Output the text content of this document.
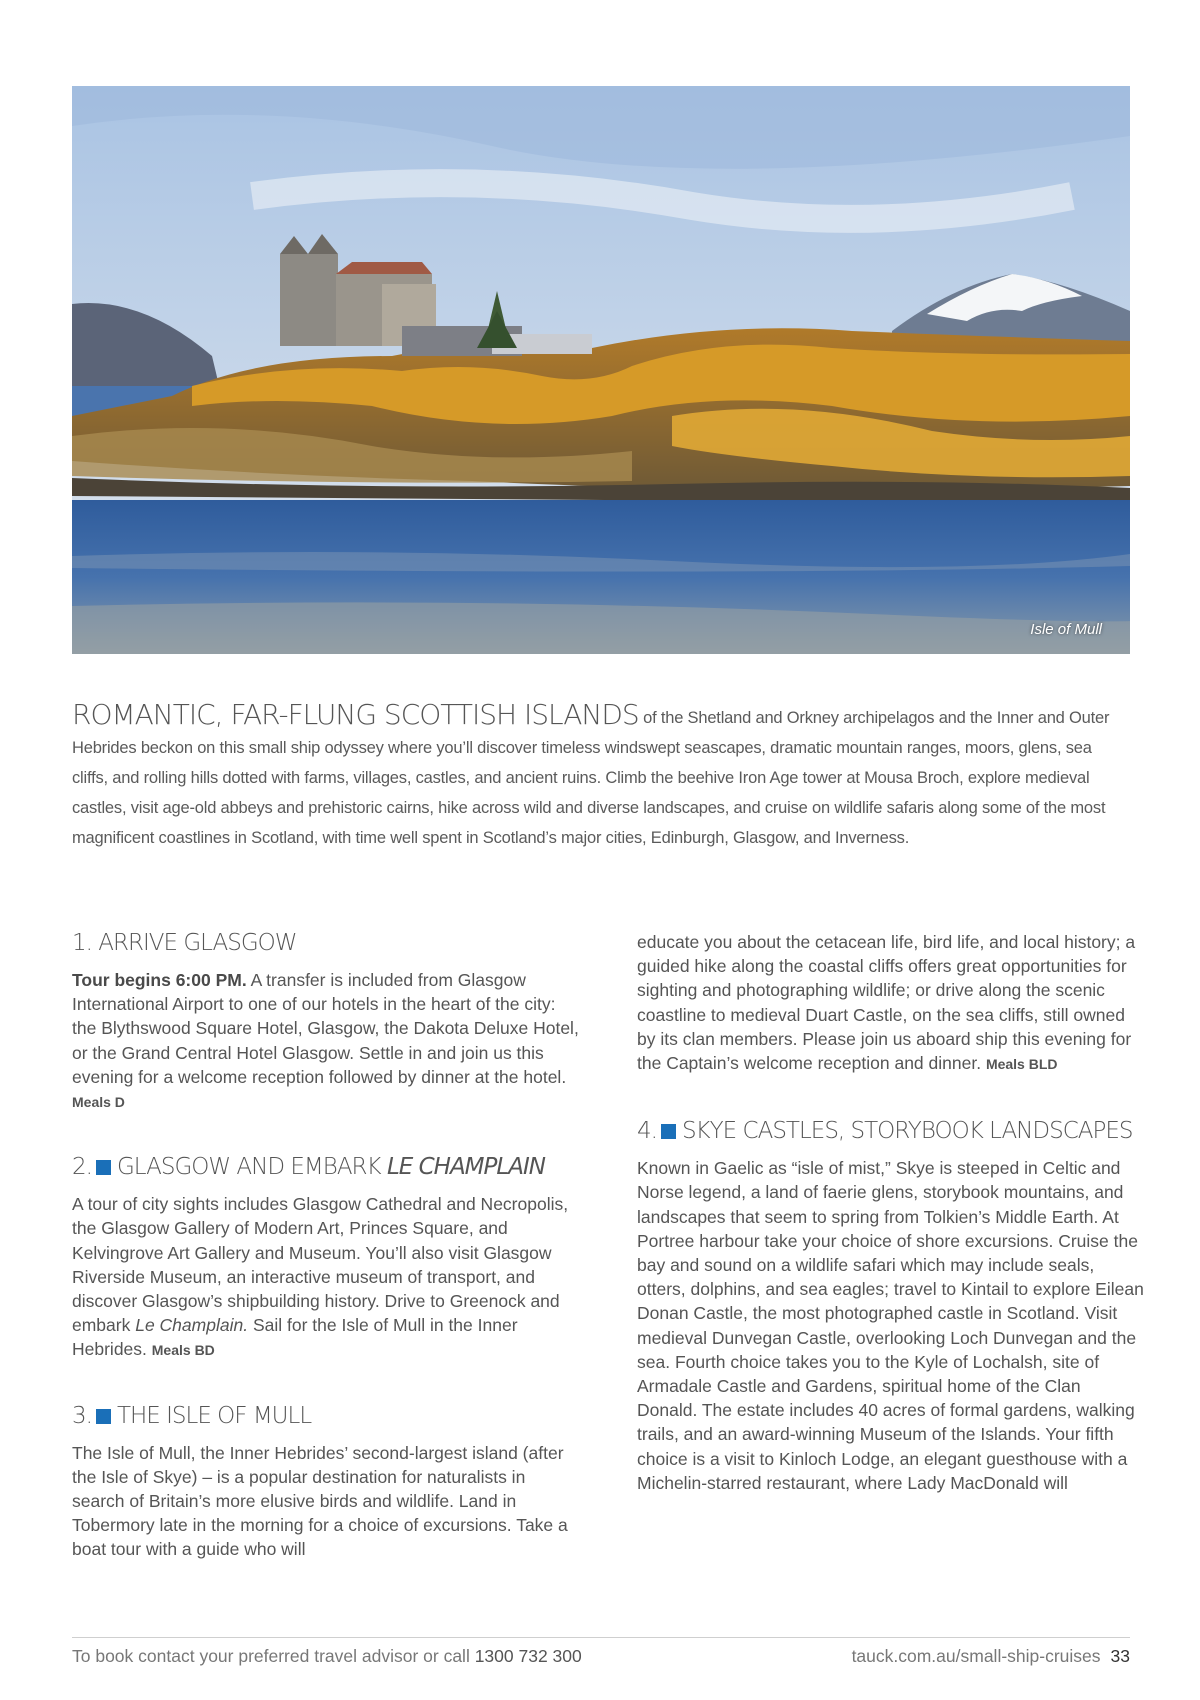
Isle of Mull
ROMANTIC, FAR-FLUNG SCOTTISH ISLANDS of the Shetland and Orkney archipelagos and the Inner and Outer Hebrides beckon on this small ship odyssey where you’ll discover timeless windswept seascapes, dramatic mountain ranges, moors, glens, sea cliffs, and rolling hills dotted with farms, villages, castles, and ancient ruins. Climb the beehive Iron Age tower at Mousa Broch, explore medieval castles, visit age-old abbeys and prehistoric cairns, hike across wild and diverse landscapes, and cruise on wildlife safaris along some of the most magnificent coastlines in Scotland, with time well spent in Scotland’s major cities, Edinburgh, Glasgow, and Inverness.
1. ARRIVE GLASGOW

Tour begins 6:00 PM. A transfer is included from Glasgow International Airport to one of our hotels in the heart of the city: the Blythswood Square Hotel, Glasgow, the Dakota Deluxe Hotel, or the Grand Central Hotel Glasgow. Settle in and join us this evening for a welcome reception followed by dinner at the hotel. Meals D

2. GLASGOW AND EMBARK LE CHAMPLAIN

A tour of city sights includes Glasgow Cathedral and Necropolis, the Glasgow Gallery of Modern Art, Princes Square, and Kelvingrove Art Gallery and Museum. You’ll also visit Glasgow Riverside Museum, an interactive museum of transport, and discover Glasgow’s shipbuilding history. Drive to Greenock and embark Le Champlain. Sail for the Isle of Mull in the Inner Hebrides. Meals BD

3. THE ISLE OF MULL

The Isle of Mull, the Inner Hebrides’ second-largest island (after the Isle of Skye) – is a popular destination for naturalists in search of Britain’s more elusive birds and wildlife. Land in Tobermory late in the morning for a choice of excursions. Take a boat tour with a guide who will

educate you about the cetacean life, bird life, and local history; a guided hike along the coastal cliffs offers great opportunities for sighting and photographing wildlife; or drive along the scenic coastline to medieval Duart Castle, on the sea cliffs, still owned by its clan members. Please join us aboard ship this evening for the Captain’s welcome reception and dinner. Meals BLD

4. SKYE CASTLES, STORYBOOK LANDSCAPES

Known in Gaelic as “isle of mist,” Skye is steeped in Celtic and Norse legend, a land of faerie glens, storybook mountains, and landscapes that seem to spring from Tolkien’s Middle Earth. At Portree harbour take your choice of shore excursions. Cruise the bay and sound on a wildlife safari which may include seals, otters, dolphins, and sea eagles; travel to Kintail to explore Eilean Donan Castle, the most photographed castle in Scotland. Visit medieval Dunvegan Castle, overlooking Loch Dunvegan and the sea. Fourth choice takes you to the Kyle of Lochalsh, site of Armadale Castle and Gardens, spiritual home of the Clan Donald. The estate includes 40 acres of formal gardens, walking trails, and an award-winning Museum of the Islands. Your fifth choice is a visit to Kinloch Lodge, an elegant guesthouse with a Michelin-starred restaurant, where Lady MacDonald will

To book contact your preferred travel advisor or call 1300 732 300	tauck.com.au/small-ship-cruises 33
